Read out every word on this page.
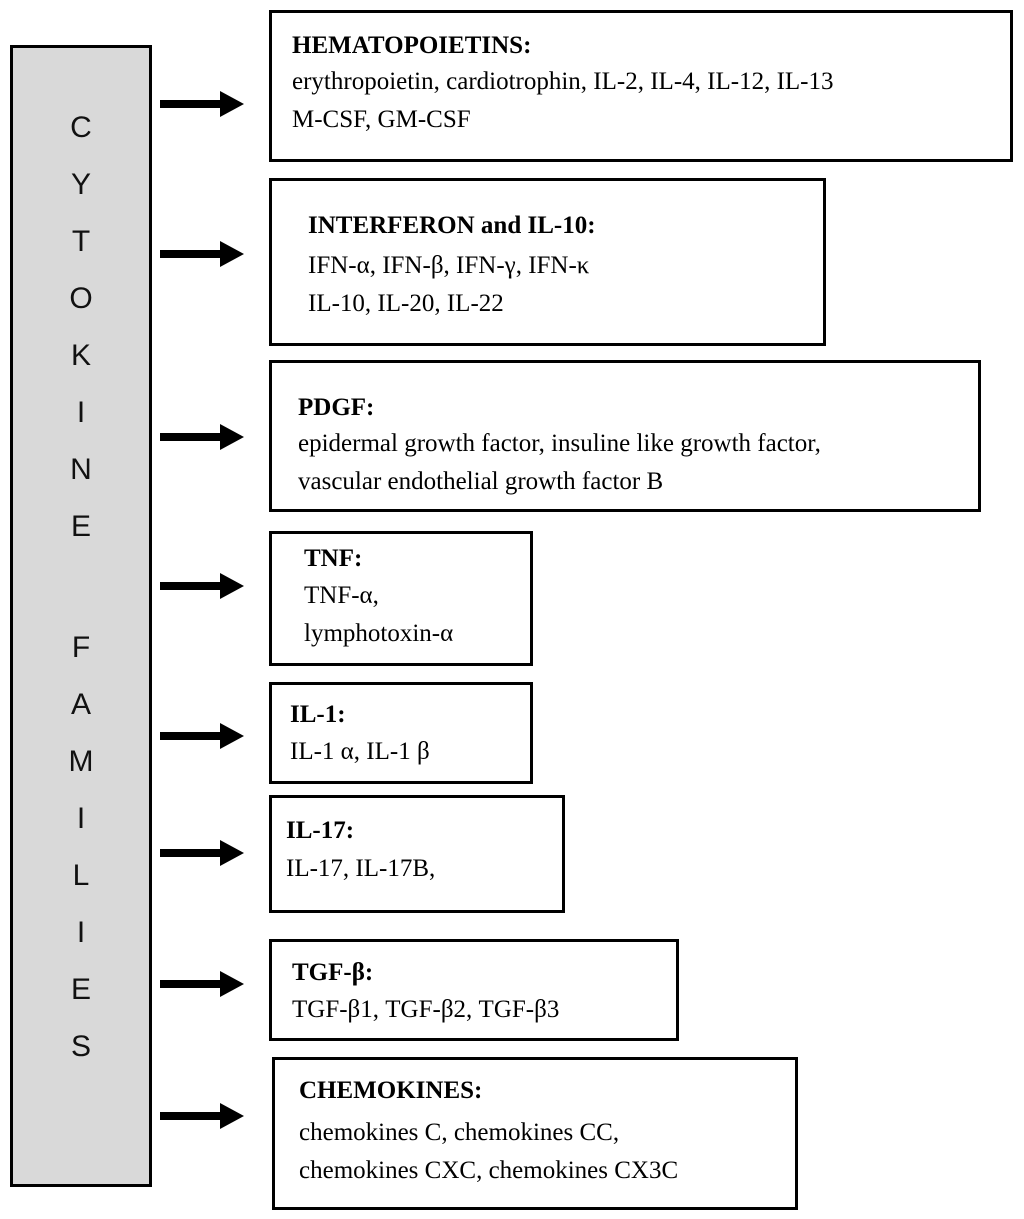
C
Y
T
O
K
I
N
E
F
A
M
I
L
I
E
S
HEMATOPOIETINS:
erythropoietin, cardiotrophin, IL-2, IL-4, IL-12, IL-13
M-CSF, GM-CSF
INTERFERON and IL-10:
IFN-α, IFN-β, IFN-γ, IFN-κ
IL-10, IL-20, IL-22
PDGF:
epidermal growth factor, insuline like growth factor,
vascular endothelial growth factor B
TNF:
TNF-α,
lymphotoxin-α
IL-1:
IL-1 α, IL-1 β
IL-17:
IL-17, IL-17B,
TGF-β:
TGF-β1, TGF-β2, TGF-β3
CHEMOKINES:
chemokines C, chemokines CC,
chemokines CXC, chemokines CX3C
